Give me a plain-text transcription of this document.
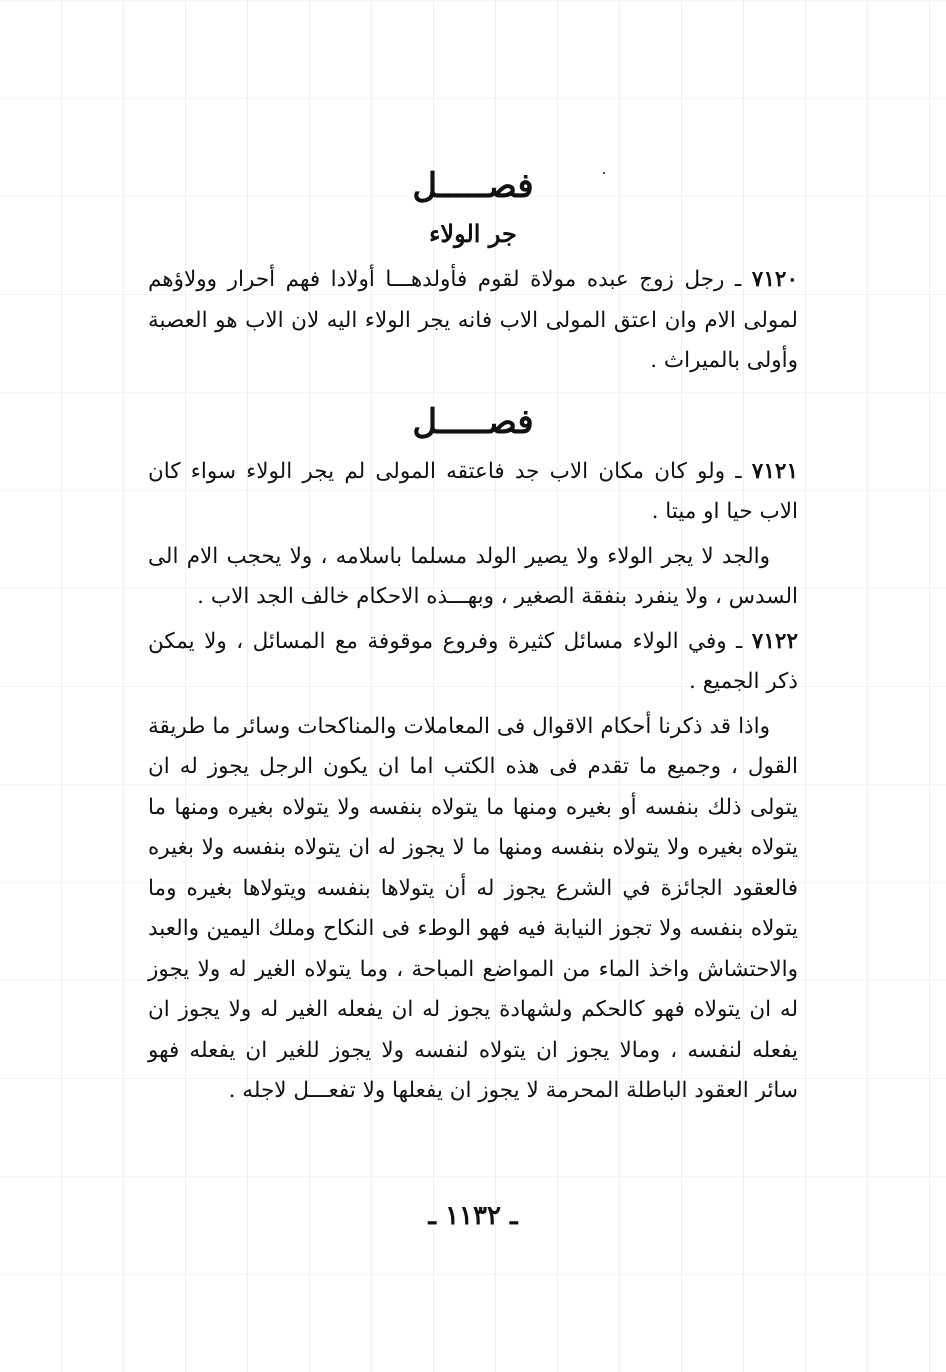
فصـــــل
جر الولاء

۷۱۲۰ ـ رجل زوج عبده مولاة لقوم فأولدهـــا أولادا فهم أحرار وولاؤهم لمولى الام وان اعتق المولى الاب فانه يجر الولاء اليه لان الاب هو العصبة وأولى بالميراث .

فصـــــل

۷۱۲۱ ـ ولو كان مكان الاب جد فاعتقه المولى لم يجر الولاء سواء كان الاب حيا او ميتا .

والجد لا يجر الولاء ولا يصير الولد مسلما باسلامه ، ولا يحجب الام الى السدس ، ولا ينفرد بنفقة الصغير ، وبهـــذه الاحكام خالف الجد الاب .

۷۱۲۲ ـ وفي الولاء مسائل كثيرة وفروع موقوفة مع المسائل ، ولا يمكن ذكر الجميع .

واذا قد ذكرنا أحكام الاقوال فى المعاملات والمناكحات وسائر ما طريقة القول ، وجميع ما تقدم فى هذه الكتب اما ان يكون الرجل يجوز له ان يتولى ذلك بنفسه أو بغيره ومنها ما يتولاه بنفسه ولا يتولاه بغيره ومنها ما يتولاه بغيره ولا يتولاه بنفسه ومنها ما لا يجوز له ان يتولاه بنفسه ولا بغيره فالعقود الجائزة في الشرع يجوز له أن يتولاها بنفسه ويتولاها بغيره وما يتولاه بنفسه ولا تجوز النيابة فيه فهو الوطء فى النكاح وملك اليمين والعبد والاحتشاش واخذ الماء من المواضع المباحة ، وما يتولاه الغير له ولا يجوز له ان يتولاه فهو كالحكم ولشهادة يجوز له ان يفعله الغير له ولا يجوز ان يفعله لنفسه ، ومالا يجوز ان يتولاه لنفسه ولا يجوز للغير ان يفعله فهو سائر العقود الباطلة المحرمة لا يجوز ان يفعلها ولا تفعـــل لاجله .

ـ ۱۱۳۲ ـ
